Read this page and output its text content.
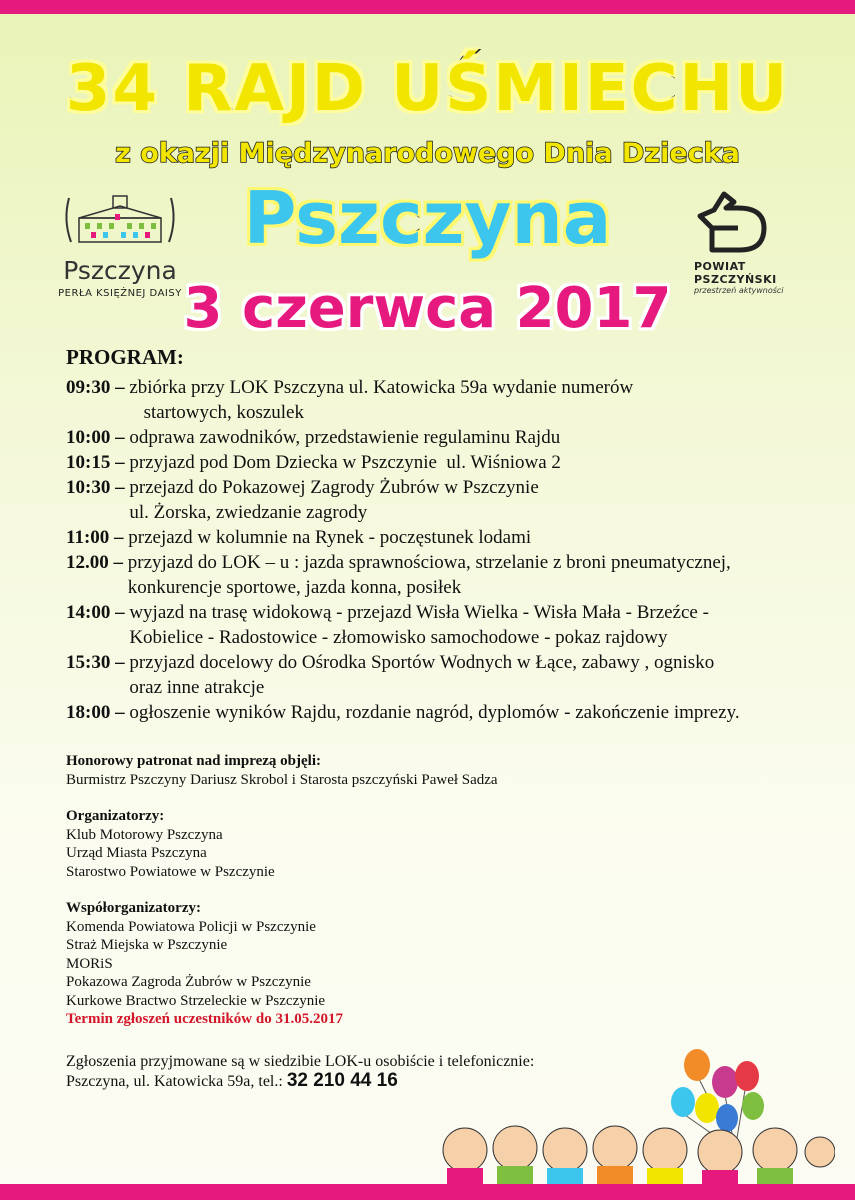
34 RAJD UŚMIECHU
z okazji Międzynarodowego Dnia Dziecka
Pszczyna
3 czerwca 2017
Pszczyna
PERŁA KSIĘŻNEJ DAISY
POWIAT
PSZCZYŃSKI
przestrzeń aktywności
PROGRAM:
09:30 – zbiórka przy LOK Pszczyna ul. Katowicka 59a wydanie numerów
startowych, koszulek
10:00 – odprawa zawodników, przedstawienie regulaminu Rajdu
10:15 – przyjazd pod Dom Dziecka w Pszczynie  ul. Wiśniowa 2
10:30 – przejazd do Pokazowej Zagrody Żubrów w Pszczynie
ul. Żorska, zwiedzanie zagrody
11:00 – przejazd w kolumnie na Rynek - poczęstunek lodami
12.00 – przyjazd do LOK – u : jazda sprawnościowa, strzelanie z broni pneumatycznej,
konkurencje sportowe, jazda konna, posiłek
14:00 – wyjazd na trasę widokową - przejazd Wisła Wielka - Wisła Mała - Brzeźce -
Kobielice - Radostowice - złomowisko samochodowe - pokaz rajdowy
15:30 – przyjazd docelowy do Ośrodka Sportów Wodnych w Łące, zabawy , ognisko
oraz inne atrakcje
18:00 – ogłoszenie wyników Rajdu, rozdanie nagród, dyplomów - zakończenie imprezy.
Honorowy patronat nad imprezą objęli:
Burmistrz Pszczyny Dariusz Skrobol i Starosta pszczyński Paweł Sadza
Organizatorzy:
Klub Motorowy Pszczyna
Urząd Miasta Pszczyna
Starostwo Powiatowe w Pszczynie
Współorganizatorzy:
Komenda Powiatowa Policji w Pszczynie
Straż Miejska w Pszczynie
MORiS
Pokazowa Zagroda Żubrów w Pszczynie
Kurkowe Bractwo Strzeleckie w Pszczynie
Termin zgłoszeń uczestników do 31.05.2017
Zgłoszenia przyjmowane są w siedzibie LOK-u osobiście i telefonicznie:
Pszczyna, ul. Katowicka 59a, tel.: 32 210 44 16
